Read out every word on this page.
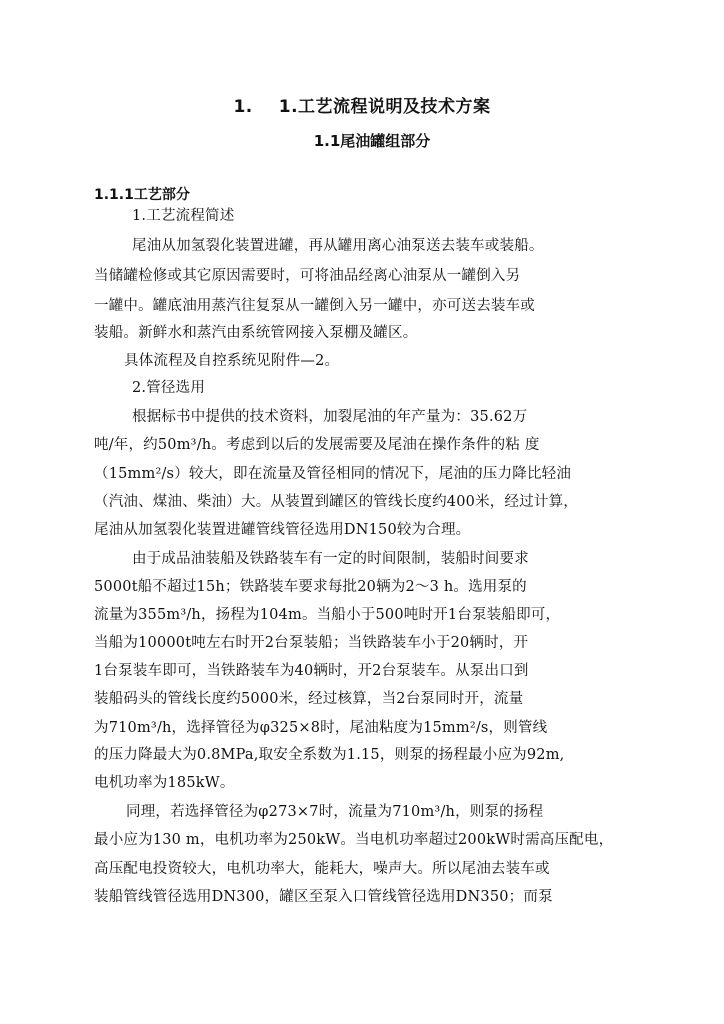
1. 1.工艺流程说明及技术方案
1.1尾油罐组部分
1.1.1工艺部分
1.工艺流程简述
尾油从加氢裂化装置进罐，再从罐用离心油泵送去装车或装船。
当储罐检修或其它原因需要时，可将油品经离心油泵从一罐倒入另
一罐中。罐底油用蒸汽往复泵从一罐倒入另一罐中，亦可送去装车或
装船。新鲜水和蒸汽由系统管网接入泵棚及罐区。
具体流程及自控系统见附件—2。
2.管径选用
根据标书中提供的技术资料，加裂尾油的年产量为：35.62万
吨/年，约50m³/h。考虑到以后的发展需要及尾油在操作条件的粘 度
（15mm²/s）较大，即在流量及管径相同的情况下，尾油的压力降比轻油
（汽油、煤油、柴油）大。从装置到罐区的管线长度约400米，经过计算，
尾油从加氢裂化装置进罐管线管径选用DN150较为合理。
由于成品油装船及铁路装车有一定的时间限制，装船时间要求
5000t船不超过15h；铁路装车要求每批20辆为2～3 h。选用泵的
流量为355m³/h，扬程为104m。当船小于500吨时开1台泵装船即可，
当船为10000t吨左右时开2台泵装船；当铁路装车小于20辆时，开
1台泵装车即可，当铁路装车为40辆时，开2台泵装车。从泵出口到
装船码头的管线长度约5000米，经过核算，当2台泵同时开，流量
为710m³/h，选择管径为φ325×8时，尾油粘度为15mm²/s，则管线
的压力降最大为0.8MPa,取安全系数为1.15，则泵的扬程最小应为92m,
电机功率为185kW。
同理，若选择管径为φ273×7时，流量为710m³/h，则泵的扬程
最小应为130 m，电机功率为250kW。当电机功率超过200kW时需高压配电，
高压配电投资较大，电机功率大，能耗大，噪声大。所以尾油去装车或
装船管线管径选用DN300，罐区至泵入口管线管径选用DN350；而泵
